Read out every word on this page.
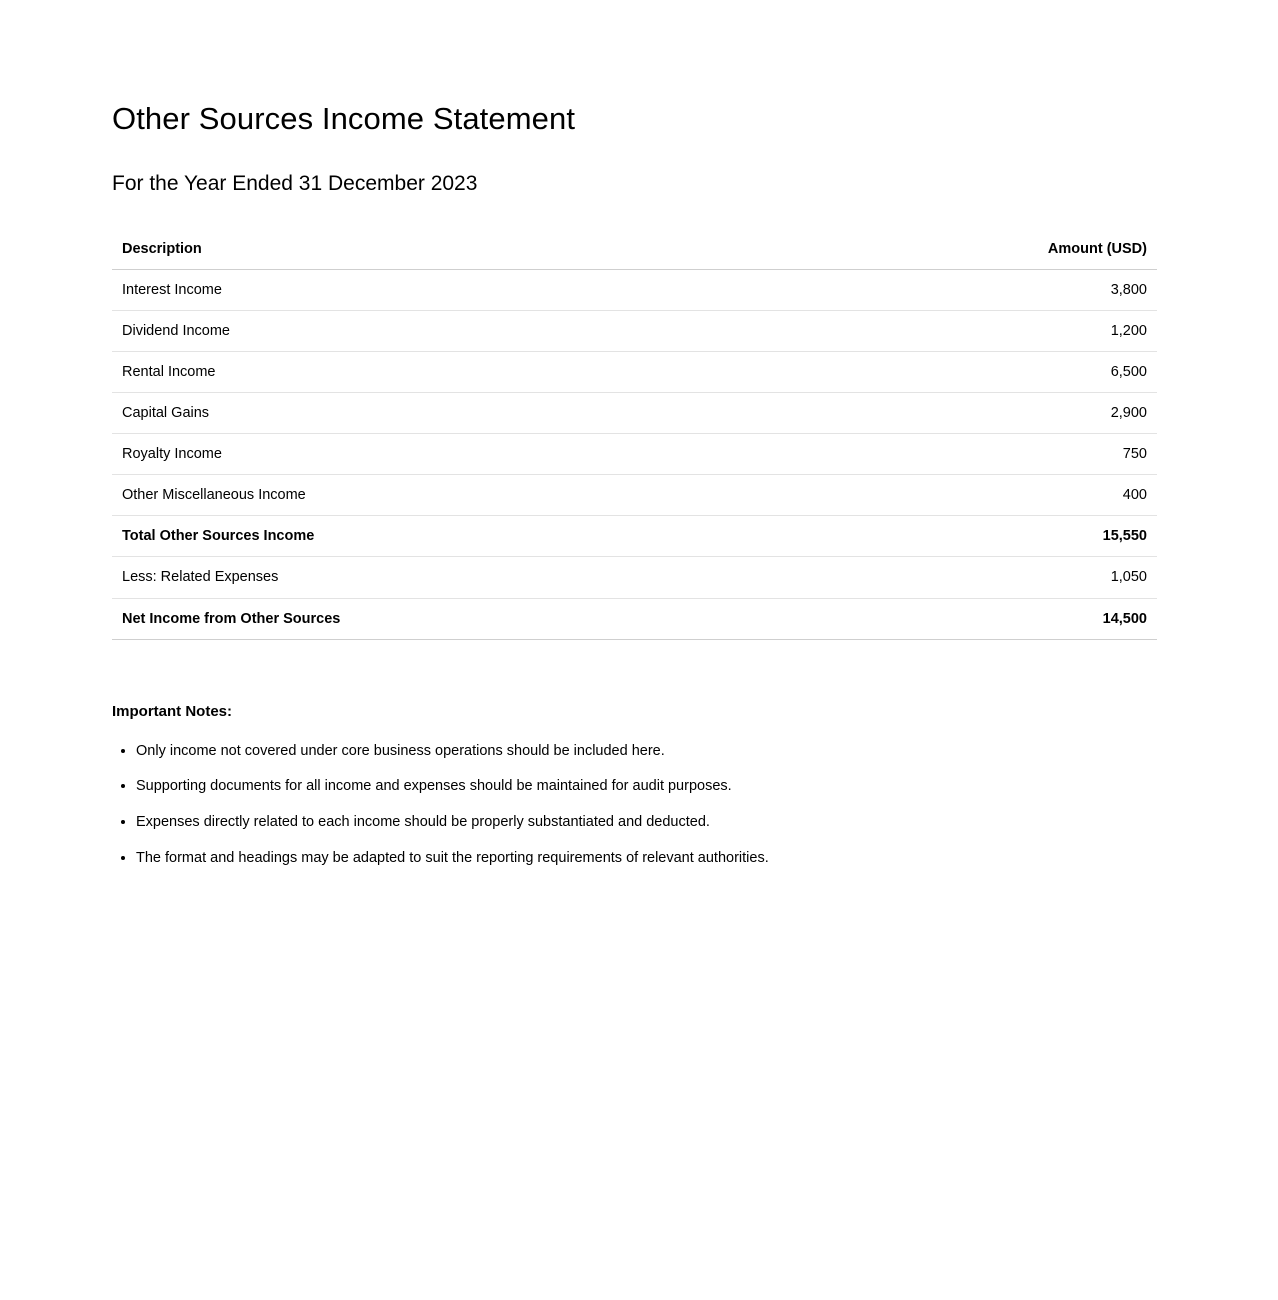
Other Sources Income Statement
For the Year Ended 31 December 2023
Description	Amount (USD)
Interest Income	3,800
Dividend Income	1,200
Rental Income	6,500
Capital Gains	2,900
Royalty Income	750
Other Miscellaneous Income	400
Total Other Sources Income	15,550
Less: Related Expenses	1,050
Net Income from Other Sources	14,500

Important Notes:

• Only income not covered under core business operations should be included here.
• Supporting documents for all income and expenses should be maintained for audit purposes.
• Expenses directly related to each income should be properly substantiated and deducted.
• The format and headings may be adapted to suit the reporting requirements of relevant authorities.
